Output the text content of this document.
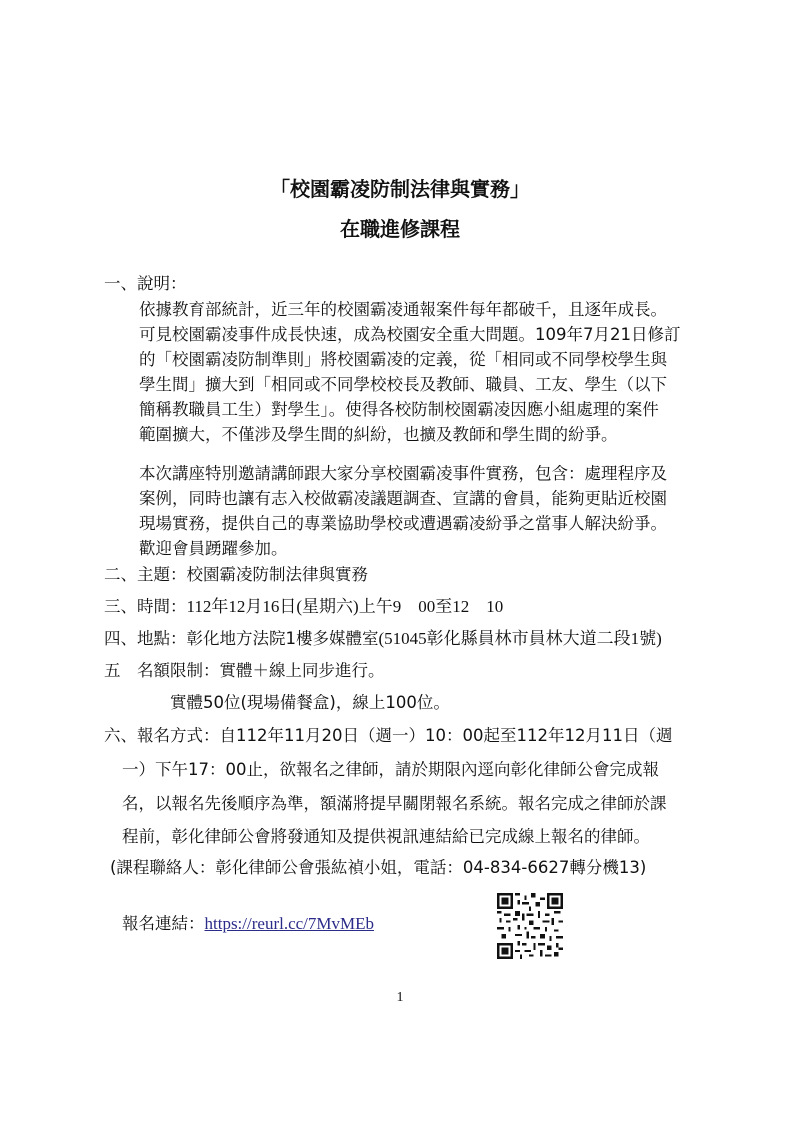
「校園霸凌防制法律與實務」
在職進修課程
一、說明：
依據教育部統計，近三年的校園霸凌通報案件每年都破千，且逐年成長。
可見校園霸凌事件成長快速，成為校園安全重大問題。109年7月21日修訂
的「校園霸凌防制準則」將校園霸凌的定義，從「相同或不同學校學生與
學生間」擴大到「相同或不同學校校長及教師、職員、工友、學生（以下
簡稱教職員工生）對學生」。使得各校防制校園霸凌因應小組處理的案件
範圍擴大，不僅涉及學生間的糾紛，也擴及教師和學生間的紛爭。
本次講座特別邀請講師跟大家分享校園霸凌事件實務，包含：處理程序及
案例，同時也讓有志入校做霸凌議題調查、宣講的會員，能夠更貼近校園
現場實務，提供自己的專業協助學校或遭遇霸凌紛爭之當事人解決紛爭。
歡迎會員踴躍參加。
二、主題：校園霸凌防制法律與實務
三、時間：112年12月16日(星期六)上午9　00至12　10
四、地點：彰化地方法院1樓多媒體室(51045彰化縣員林市員林大道二段1號)
五　名額限制：實體＋線上同步進行。
實體50位(現場備餐盒)，線上100位。
六、報名方式：自112年11月20日（週一）10：00起至112年12月11日（週
一）下午17：00止，欲報名之律師，請於期限內逕向彰化律師公會完成報
名，以報名先後順序為準，額滿將提早關閉報名系統。報名完成之律師於課
程前，彰化律師公會將發通知及提供視訊連結給已完成線上報名的律師。
(課程聯絡人：彰化律師公會張紘禎小姐，電話：04-834-6627轉分機13)
報名連結：https://reurl.cc/7MvMEb
1
